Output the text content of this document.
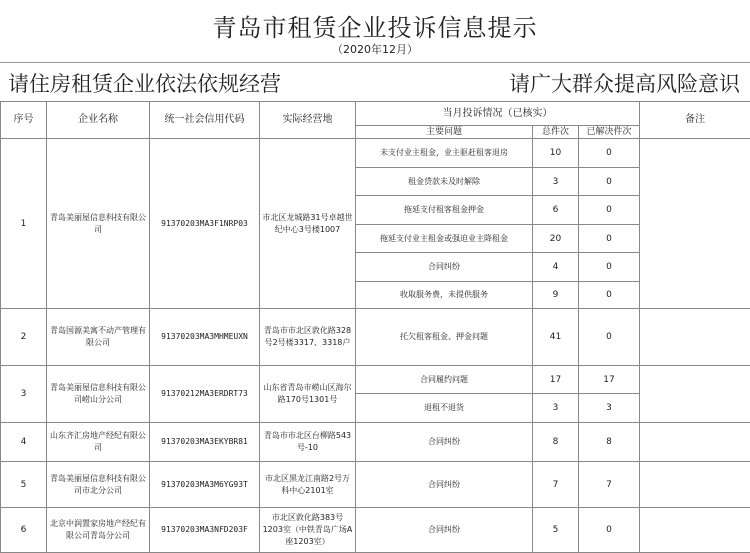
青岛市租赁企业投诉信息提示
（2020年12月）
请住房租赁企业依法依规经营	请广大群众提高风险意识
序号	企业名称	统一社会信用代码	实际经营地	当月投诉情况（已核实）			备注
				主要问题	总件次	已解决件次	
1	青岛美丽屋信息科技有限公司	91370203MA3F1NRP03	市北区龙城路31号卓越世纪中心3号楼1007	未支付业主租金，业主驱赶租客退房	10	0	
				租金贷款未及时解除	3	0	
				拖延支付租客租金押金	6	0	
				拖延支付业主租金或强迫业主降租金	20	0	
				合同纠纷	4	0	
				收取服务费，未提供服务	9	0	
2	青岛国源美寓不动产管理有限公司	91370203MA3MHMEUXN	青岛市市北区敦化路328号2号楼3317、3318户	托欠租客租金、押金问题	41	0	
3	青岛美丽屋信息科技有限公司崂山分公司	91370212MA3ERDRT73	山东省青岛市崂山区海尔路170号1301号	合同履约问题	17	17	
				退租不退货	3	3	
4	山东齐汇房地产经纪有限公司	91370203MA3EKYBR81	青岛市市北区台柳路543号-10	合同纠纷	8	8	
5	青岛美丽屋信息科技有限公司市北分公司	91370203MA3M6YG93T	市北区黑龙江南路2号万科中心2101室	合同纠纷	7	7	
6	北京中润置家房地产经纪有限公司青岛分公司	91370203MA3NFD203F	市北区敦化路383号1203室（中铁青岛广场A座1203室）	合同纠纷	5	0	
